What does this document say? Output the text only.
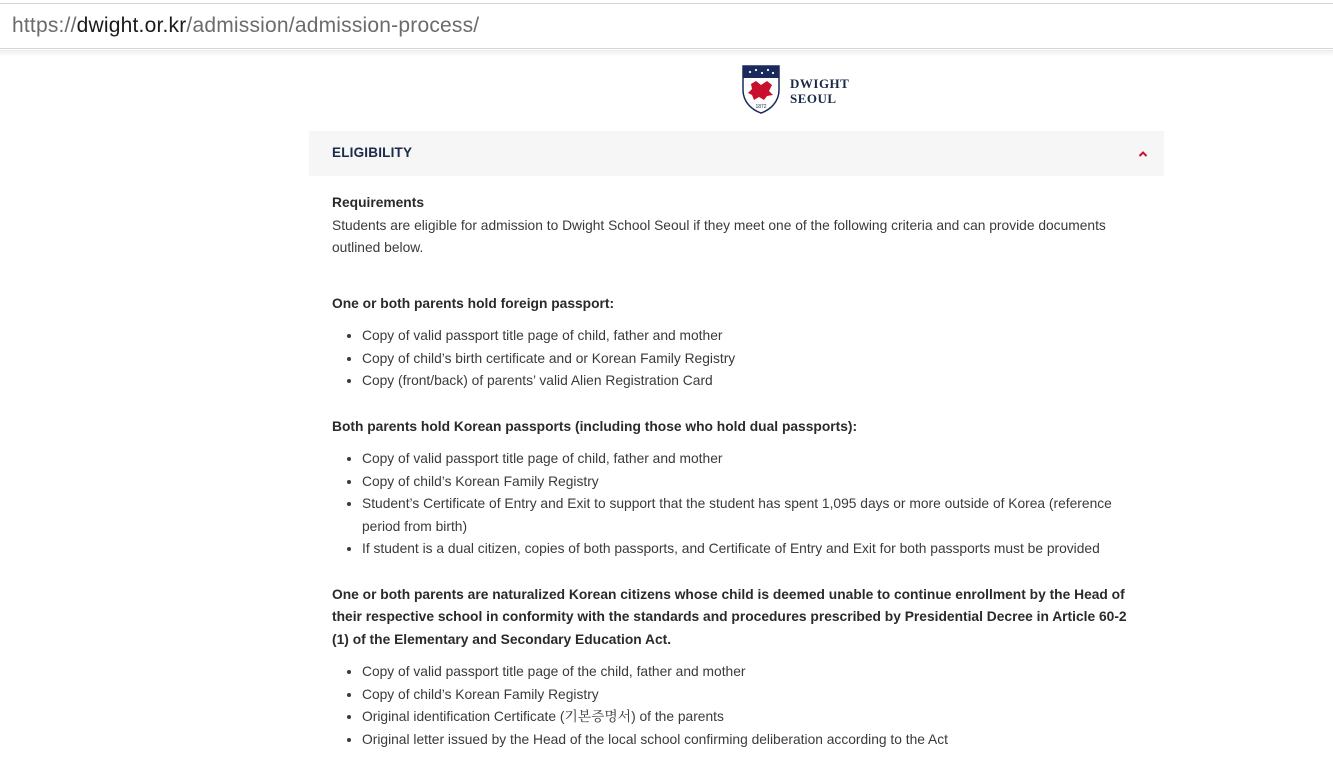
https://dwight.or.kr/admission/admission-process/
1872
DWIGHT
SEOUL
ELIGIBILITY
Requirements

Students are eligible for admission to Dwight School Seoul if they meet one of the following criteria and can provide documents outlined below.

One or both parents hold foreign passport:

• Copy of valid passport title page of child, father and mother
• Copy of child’s birth certificate and or Korean Family Registry
• Copy (front/back) of parents’ valid Alien Registration Card

Both parents hold Korean passports (including those who hold dual passports):

• Copy of valid passport title page of child, father and mother
• Copy of child’s Korean Family Registry
• Student’s Certificate of Entry and Exit to support that the student has spent 1,095 days or more outside of Korea (reference period from birth)
• If student is a dual citizen, copies of both passports, and Certificate of Entry and Exit for both passports must be provided

One or both parents are naturalized Korean citizens whose child is deemed unable to continue enrollment by the Head of their respective school in conformity with the standards and procedures prescribed by Presidential Decree in Article 60-2 (1) of the Elementary and Secondary Education Act.

• Copy of valid passport title page of the child, father and mother
• Copy of child’s Korean Family Registry
• Original identification Certificate (기본증명서) of the parents
• Original letter issued by the Head of the local school confirming deliberation according to the Act
